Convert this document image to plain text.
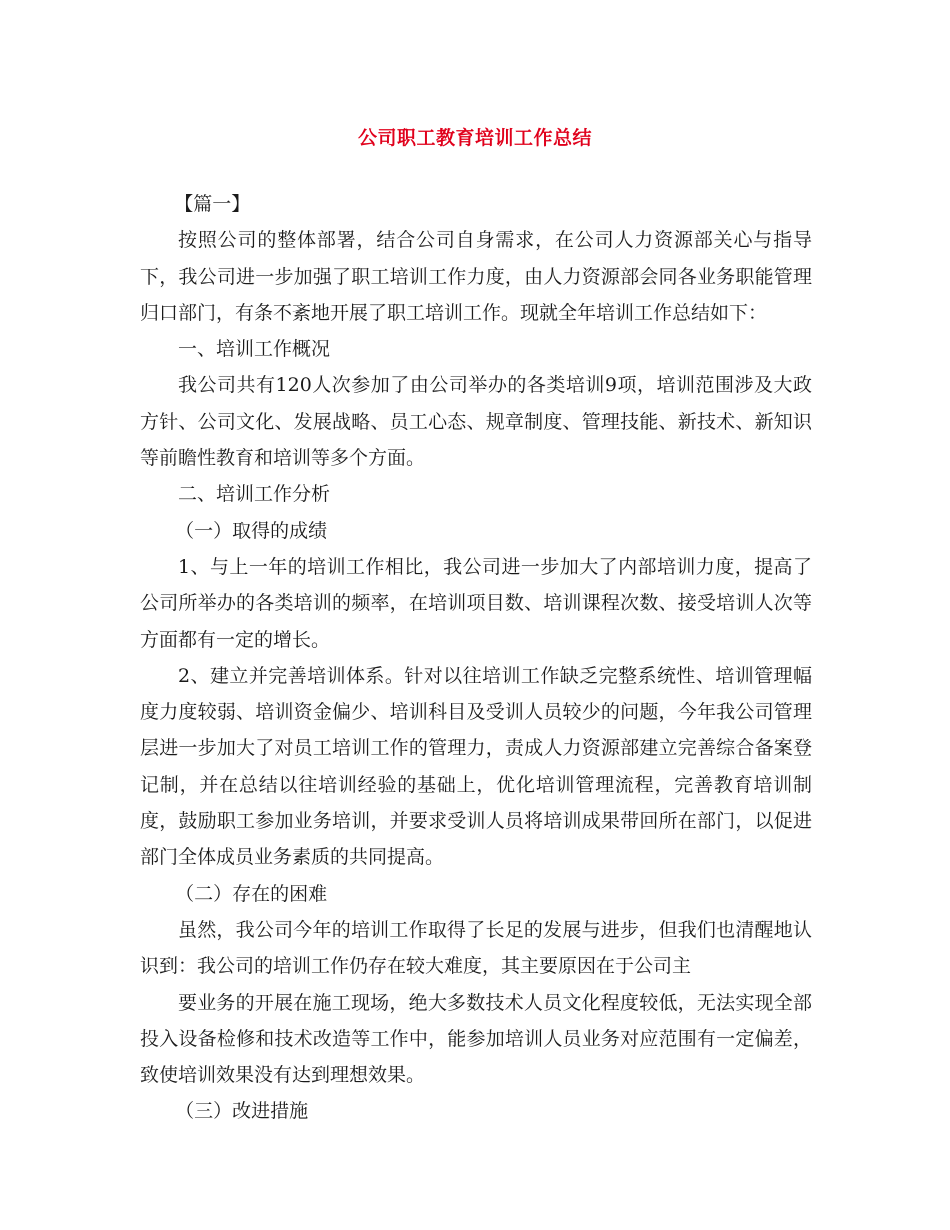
公司职工教育培训工作总结

【篇一】

按照公司的整体部署，结合公司自身需求，在公司人力资源部关心与指导下，我公司进一步加强了职工培训工作力度，由人力资源部会同各业务职能管理归口部门，有条不紊地开展了职工培训工作。现就全年培训工作总结如下：

一、培训工作概况

我公司共有120人次参加了由公司举办的各类培训9项，培训范围涉及大政方针、公司文化、发展战略、员工心态、规章制度、管理技能、新技术、新知识等前瞻性教育和培训等多个方面。

二、培训工作分析

（一）取得的成绩

1、与上一年的培训工作相比，我公司进一步加大了内部培训力度，提高了公司所举办的各类培训的频率，在培训项目数、培训课程次数、接受培训人次等方面都有一定的增长。

2、建立并完善培训体系。针对以往培训工作缺乏完整系统性、培训管理幅度力度较弱、培训资金偏少、培训科目及受训人员较少的问题，今年我公司管理层进一步加大了对员工培训工作的管理力，责成人力资源部建立完善综合备案登记制，并在总结以往培训经验的基础上，优化培训管理流程，完善教育培训制度，鼓励职工参加业务培训，并要求受训人员将培训成果带回所在部门，以促进部门全体成员业务素质的共同提高。

（二）存在的困难

虽然，我公司今年的培训工作取得了长足的发展与进步，但我们也清醒地认识到：我公司的培训工作仍存在较大难度，其主要原因在于公司主

要业务的开展在施工现场，绝大多数技术人员文化程度较低，无法实现全部投入设备检修和技术改造等工作中，能参加培训人员业务对应范围有一定偏差，致使培训效果没有达到理想效果。

（三）改进措施
